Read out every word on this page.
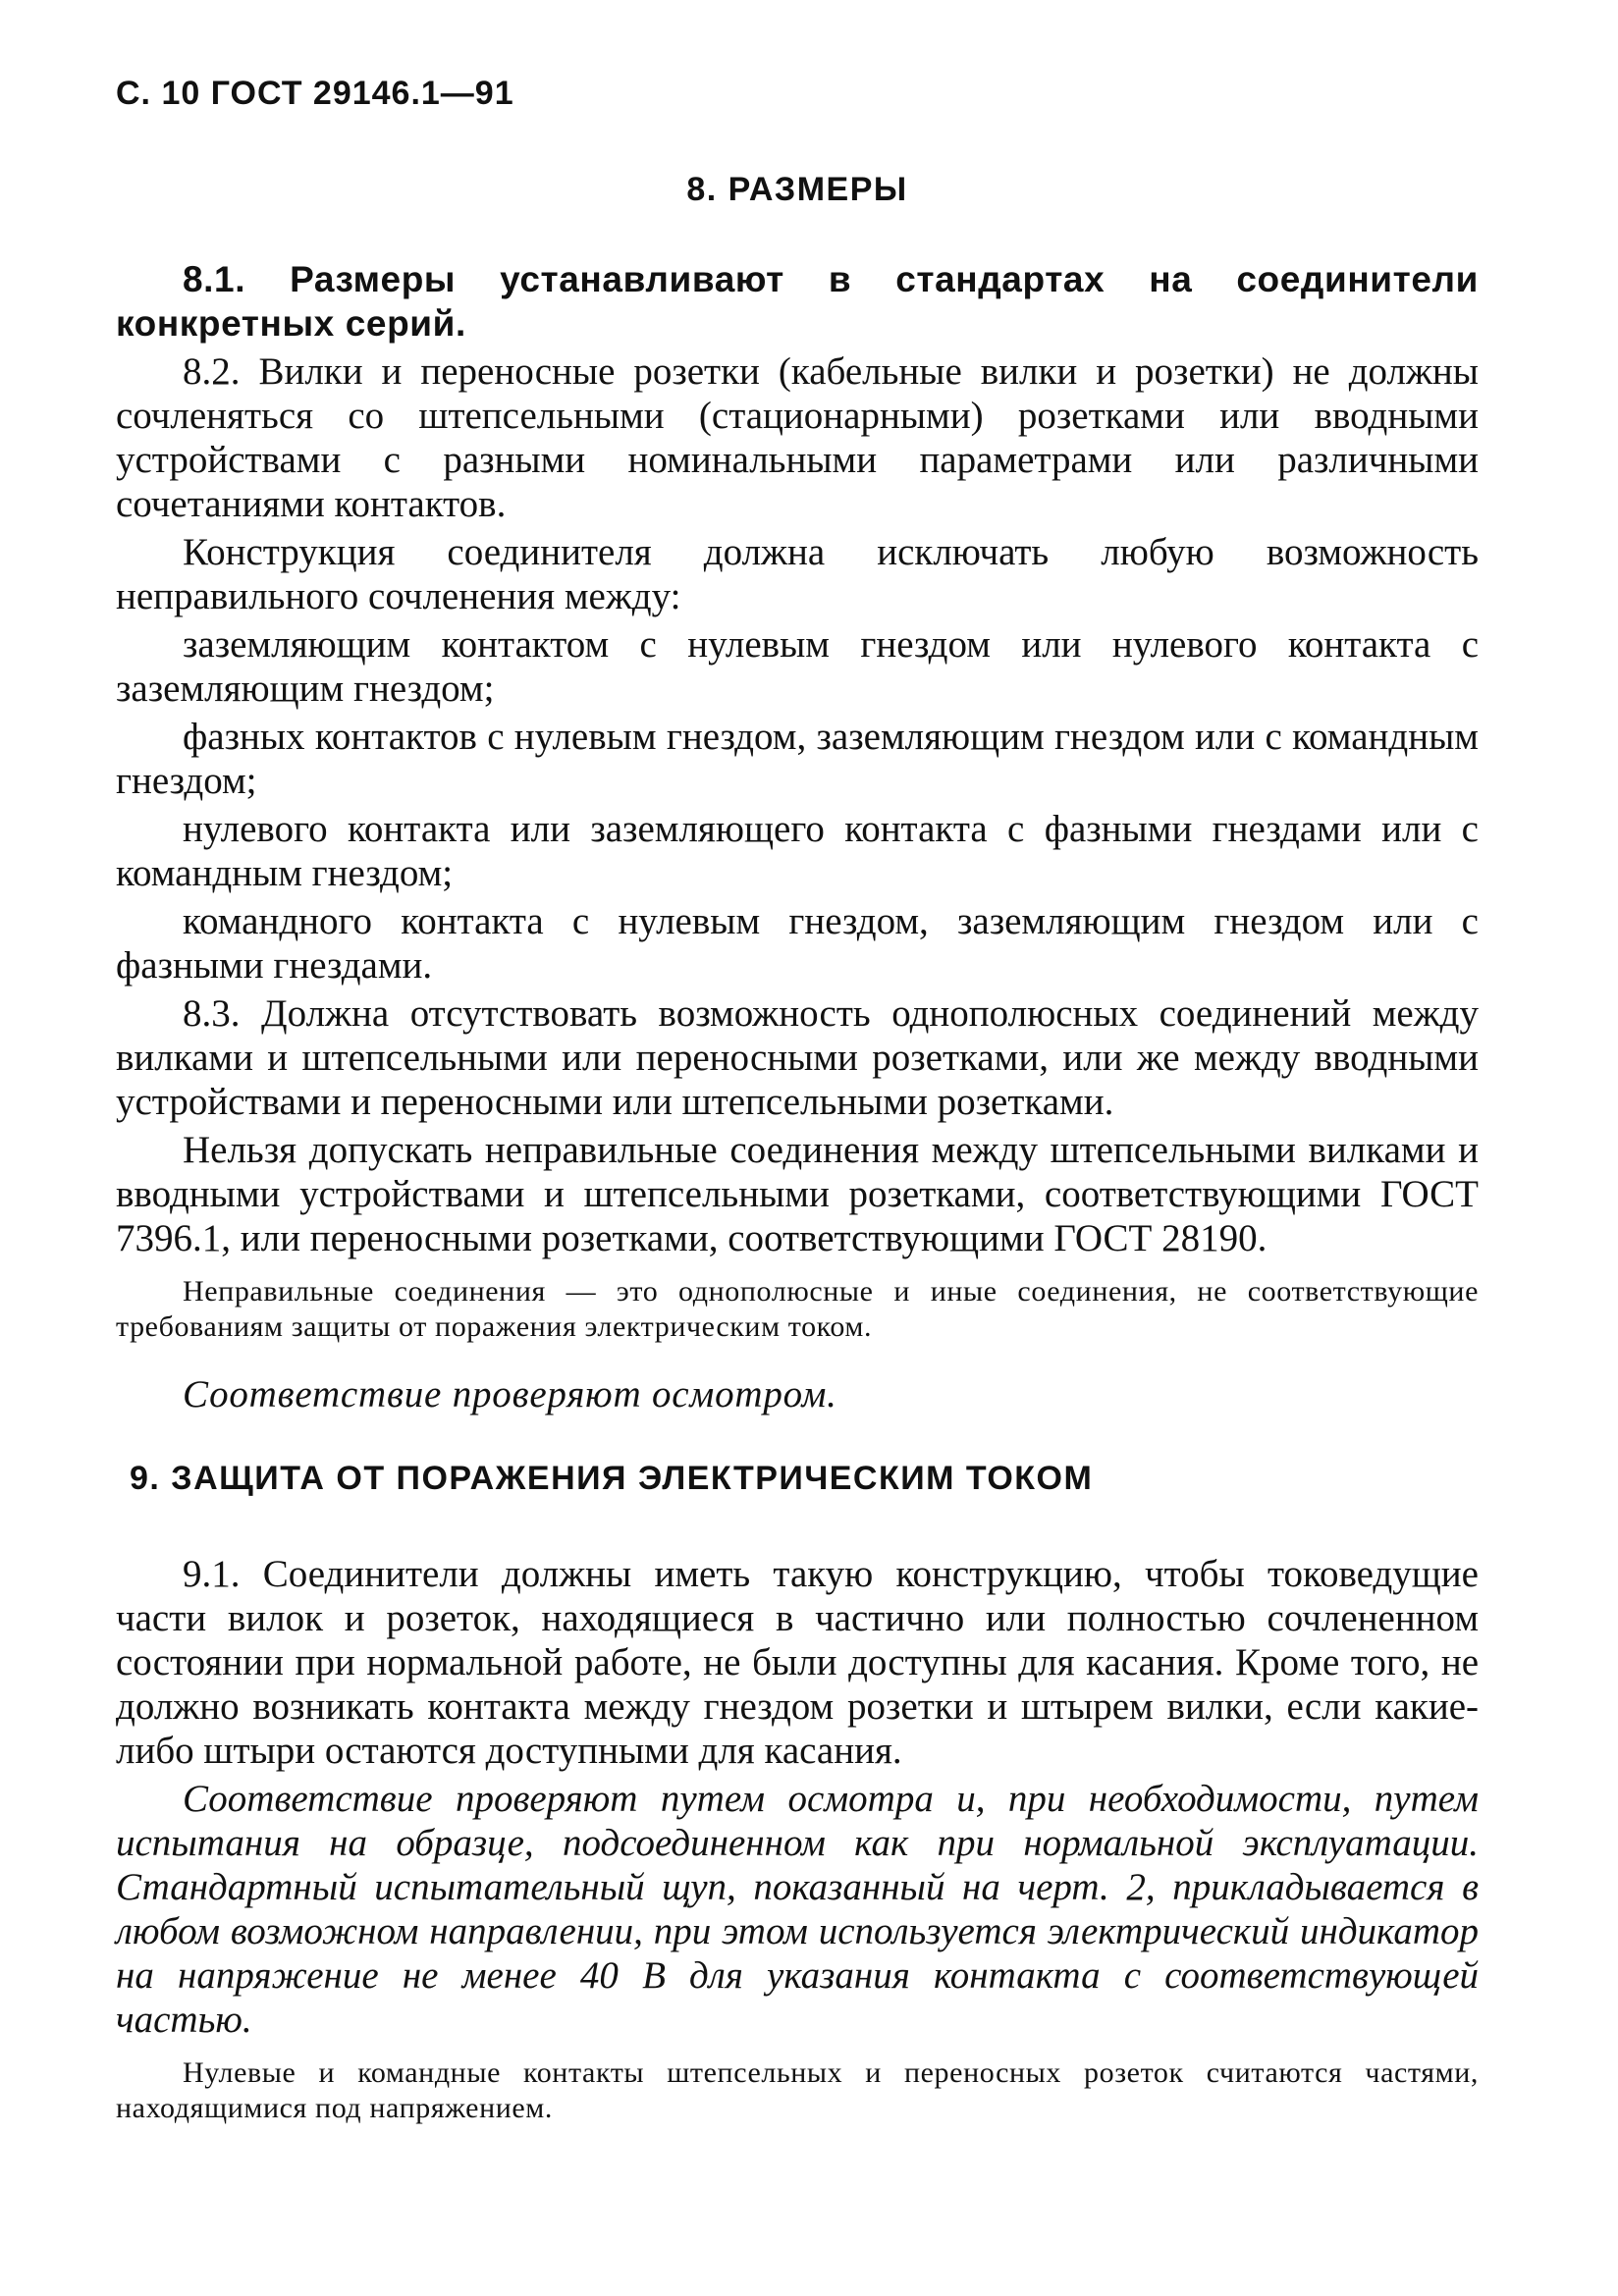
С. 10 ГОСТ 29146.1—91
8. РАЗМЕРЫ

8.1. Размеры устанавливают в стандартах на соединители конкретных серий.

8.2. Вилки и переносные розетки (кабельные вилки и розетки) не должны сочленяться со штепсельными (стационарными) розетками или вводными устройствами с разными номинальными параметрами или различными сочетаниями контактов.

Конструкция соединителя должна исключать любую возможность неправильного сочленения между:

заземляющим контактом с нулевым гнездом или нулевого контакта с заземляющим гнездом;

фазных контактов с нулевым гнездом, заземляющим гнездом или с командным гнездом;

нулевого контакта или заземляющего контакта с фазными гнездами или с командным гнездом;

командного контакта с нулевым гнездом, заземляющим гнездом или с фазными гнездами.

8.3. Должна отсутствовать возможность однополюсных соединений между вилками и штепсельными или переносными розетками, или же между вводными устройствами и переносными или штепсельными розетками.

Нельзя допускать неправильные соединения между штепсельными вилками и вводными устройствами и штепсельными розетками, соответствующими ГОСТ 7396.1, или переносными розетками, соответствующими ГОСТ 28190.

Неправильные соединения — это однополюсные и иные соединения, не соответствующие требованиям защиты от поражения электрическим током.

Соответствие проверяют осмотром.

9. ЗАЩИТА ОТ ПОРАЖЕНИЯ ЭЛЕКТРИЧЕСКИМ ТОКОМ

9.1. Соединители должны иметь такую конструкцию, чтобы токоведущие части вилок и розеток, находящиеся в частично или полностью сочлененном состоянии при нормальной работе, не были доступны для касания. Кроме того, не должно возникать контакта между гнездом розетки и штырем вилки, если какие-либо штыри остаются доступными для касания.

Соответствие проверяют путем осмотра и, при необходимости, путем испытания на образце, подсоединенном как при нормальной эксплуатации. Стандартный испытательный щуп, показанный на черт. 2, прикладывается в любом возможном направлении, при этом используется электрический индикатор на напряжение не менее 40 В для указания контакта с соответствующей частью.

Нулевые и командные контакты штепсельных и переносных розеток считаются частями, находящимися под напряжением.
